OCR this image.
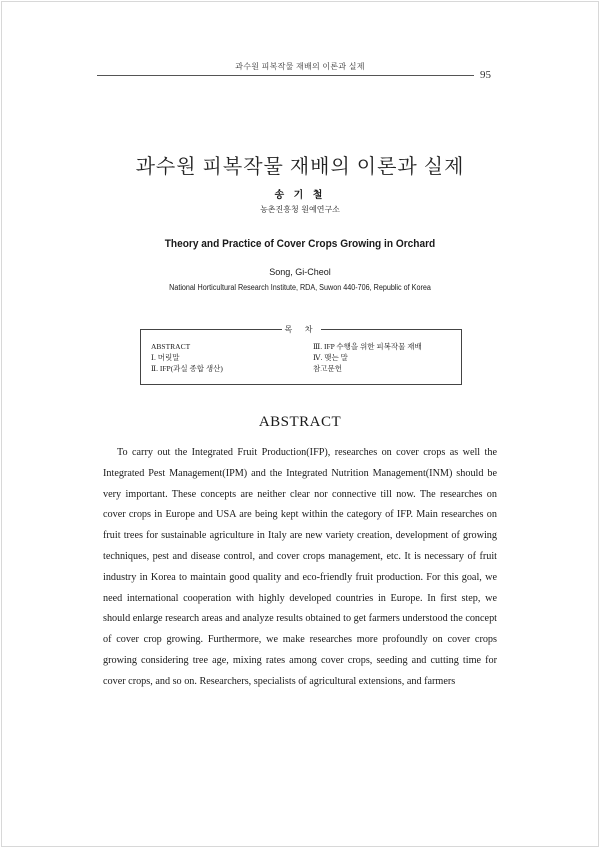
과수원 피복작물 재배의 이론과 실제
95
과수원 피복작물 재배의 이론과 실제
송 기 철
농촌진흥청 원예연구소
Theory and Practice of Cover Crops Growing in Orchard
Song, Gi-Cheol
National Horticultural Research Institute, RDA, Suwon 440-706, Republic of Korea
목 차
ABSTRACT
Ⅰ. 머릿말
Ⅱ. IFP(과실 종합 생산)
Ⅲ. IFP 수행을 위한 피복작물 재배
Ⅳ. 맺는 말
참고문헌
ABSTRACT

To carry out the Integrated Fruit Production(IFP), researches on cover crops as well the Integrated Pest Management(IPM) and the Integrated Nutrition Management(INM) should be very important. These concepts are neither clear nor connective till now. The researches on cover crops in Europe and USA are being kept within the category of IFP. Main researches on fruit trees for sustainable agriculture in Italy are new variety creation, development of growing techniques, pest and disease control, and cover crops management, etc. It is necessary of fruit industry in Korea to maintain good quality and eco-friendly fruit production. For this goal, we need international cooperation with highly developed countries in Europe. In first step, we should enlarge research areas and analyze results obtained to get farmers understood the concept of cover crop growing. Furthermore, we make researches more profoundly on cover crops growing considering tree age, mixing rates among cover crops, seeding and cutting time for cover crops, and so on. Researchers, specialists of agricultural extensions, and farmers
